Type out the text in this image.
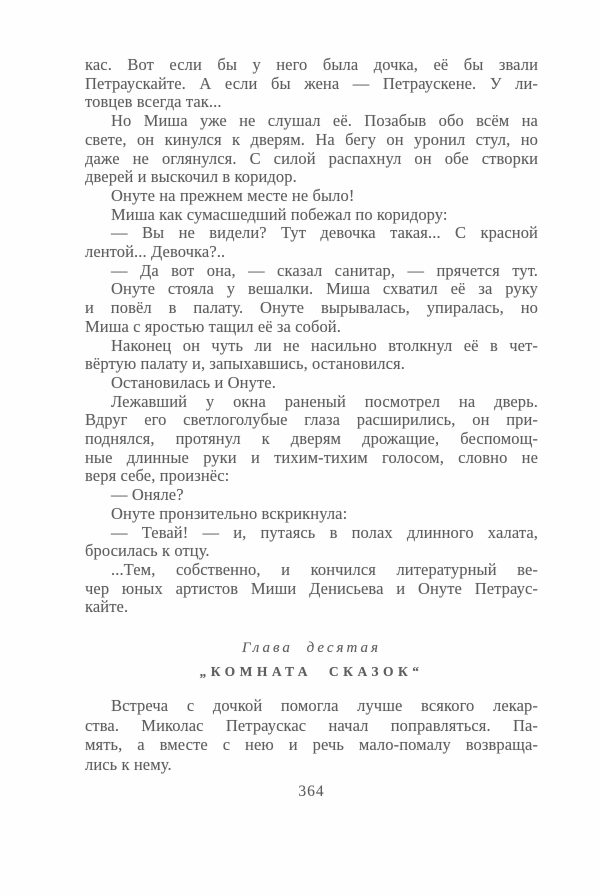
кас. Вот если бы у него была дочка, её бы звали
Петраускайте. А если бы жена — Петраускене. У ли-
товцев всегда так...
Но Миша уже не слушал её. Позабыв обо всём на
свете, он кинулся к дверям. На бегу он уронил стул, но
даже не оглянулся. С силой распахнул он обе створки
дверей и выскочил в коридор.
Онуте на прежнем месте не было!
Миша как сумасшедший побежал по коридору:
— Вы не видели? Тут девочка такая... С красной
лентой... Девочка?..
— Да вот она, — сказал санитар, — прячется тут.
Онуте стояла у вешалки. Миша схватил её за руку
и повёл в палату. Онуте вырывалась, упиралась, но
Миша с яростью тащил её за собой.
Наконец он чуть ли не насильно втолкнул её в чет-
вёртую палату и, запыхавшись, остановился.
Остановилась и Онуте.
Лежавший у окна раненый посмотрел на дверь.
Вдруг его светлоголубые глаза расширились, он при-
поднялся, протянул к дверям дрожащие, беспомощ-
ные длинные руки и тихим-тихим голосом, словно не
веря себе, произнёс:
— Оняле?
Онуте пронзительно вскрикнула:
— Тевай! — и, путаясь в полах длинного халата,
бросилась к отцу.
...Тем, собственно, и кончился литературный ве-
чер юных артистов Миши Денисьева и Онуте Петраус-
кайте.
Глава десятая
„КОМНАТА СКАЗОК“
Встреча с дочкой помогла лучше всякого лекар-
ства. Миколас Петраускас начал поправляться. Па-
мять, а вместе с нею и речь мало-помалу возвраща-
лись к нему.
364
